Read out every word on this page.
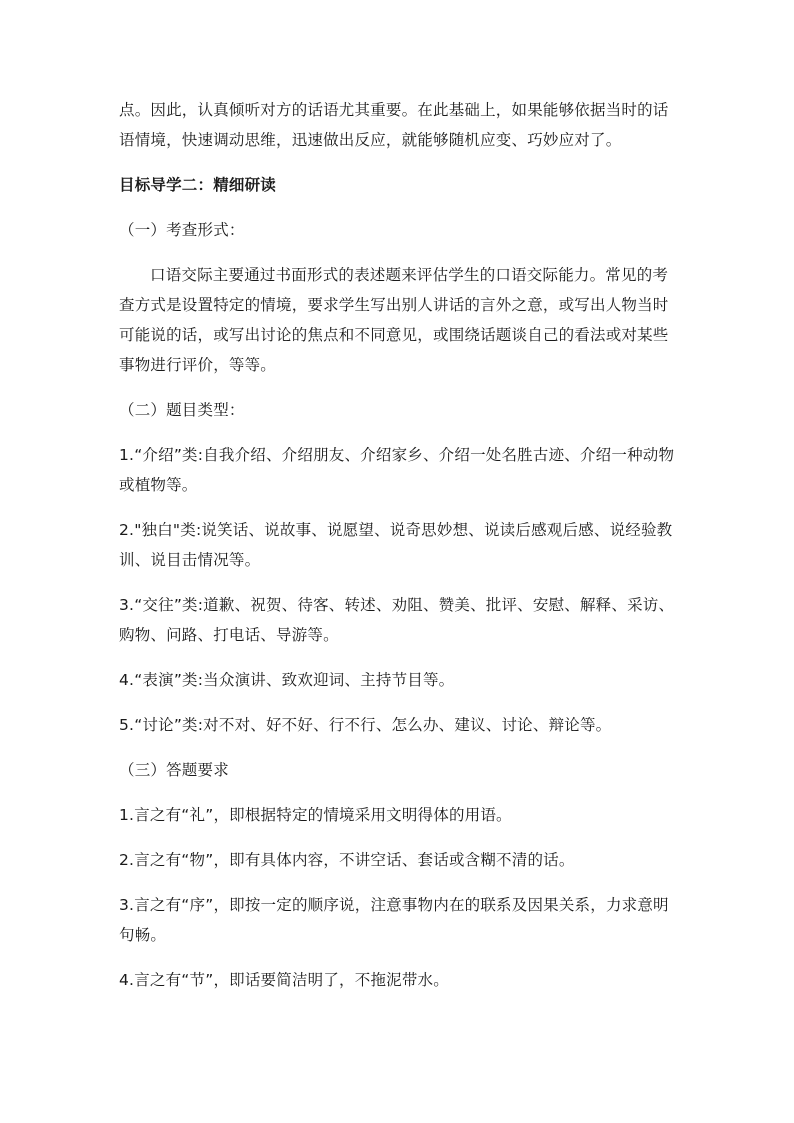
点。因此，认真倾听对方的话语尤其重要。在此基础上，如果能够依据当时的话
语情境，快速调动思维，迅速做出反应，就能够随机应变、巧妙应对了。

目标导学二：精细研读

（一）考查形式：

口语交际主要通过书面形式的表述题来评估学生的口语交际能力。常见的考
查方式是设置特定的情境，要求学生写出别人讲话的言外之意，或写出人物当时
可能说的话，或写出讨论的焦点和不同意见，或围绕话题谈自己的看法或对某些
事物进行评价，等等。

（二）题目类型：

1.“介绍”类:自我介绍、介绍朋友、介绍家乡、介绍一处名胜古迹、介绍一种动物
或植物等。

2."独白"类:说笑话、说故事、说愿望、说奇思妙想、说读后感观后感、说经验教
训、说目击情况等。

3.“交往”类:道歉、祝贺、待客、转述、劝阻、赞美、批评、安慰、解释、采访、
购物、问路、打电话、导游等。

4.“表演”类:当众演讲、致欢迎词、主持节目等。

5.“讨论”类:对不对、好不好、行不行、怎么办、建议、讨论、辩论等。

（三）答题要求

1.言之有“礼”，即根据特定的情境采用文明得体的用语。

2.言之有“物”，即有具体内容，不讲空话、套话或含糊不清的话。

3.言之有“序”，即按一定的顺序说，注意事物内在的联系及因果关系，力求意明
句畅。

4.言之有“节”，即话要简洁明了，不拖泥带水。
